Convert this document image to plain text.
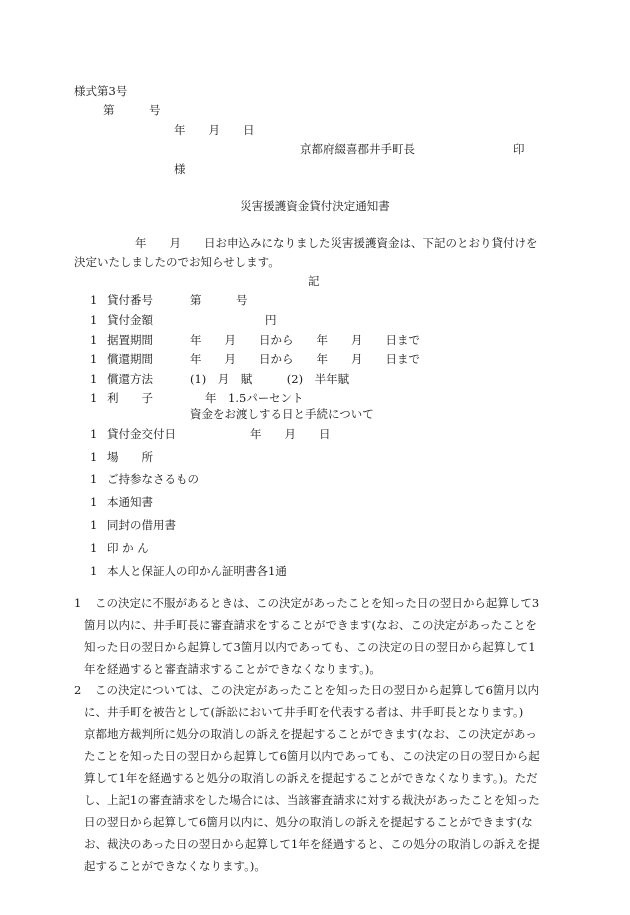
様式第3号
第　　　号
年　　月　　日
京都府綴喜郡井手町長	印
様
災害援護資金貸付決定通知書
年　　月　　日お申込みになりました災害援護資金は、下記のとおり貸付けを
決定いたしましたのでお知らせします。
記
1 貸付番号	第　　　号
1 貸付金額	円
1 据置期間	年　　月　　日から　　年　　月　　日まで
1 償還期間	年　　月　　日から　　年　　月　　日まで
1 償還方法	(1)　月　賦　　　(2)　半年賦
1 利　　子	年　1.5パーセント
資金をお渡しする日と手続について
1 貸付金交付日	年　　月　　日
1 場　　所
1 ご持参なさるもの
1 本通知書
1 同封の借用書
1 印 か ん
1 本人と保証人の印かん証明書各1通
1 この決定に不服があるときは、この決定があったことを知った日の翌日から起算して3
箇月以内に、井手町長に審査請求をすることができます(なお、この決定があったことを
知った日の翌日から起算して3箇月以内であっても、この決定の日の翌日から起算して1
年を経過すると審査請求することができなくなります。)。
2 この決定については、この決定があったことを知った日の翌日から起算して6箇月以内
に、井手町を被告として(訴訟において井手町を代表する者は、井手町長となります。)
京都地方裁判所に処分の取消しの訴えを提起することができます(なお、この決定があっ
たことを知った日の翌日から起算して6箇月以内であっても、この決定の日の翌日から起
算して1年を経過すると処分の取消しの訴えを提起することができなくなります。)。ただ
し、上記1の審査請求をした場合には、当該審査請求に対する裁決があったことを知った
日の翌日から起算して6箇月以内に、処分の取消しの訴えを提起することができます(な
お、裁決のあった日の翌日から起算して1年を経過すると、この処分の取消しの訴えを提
起することができなくなります。)。
